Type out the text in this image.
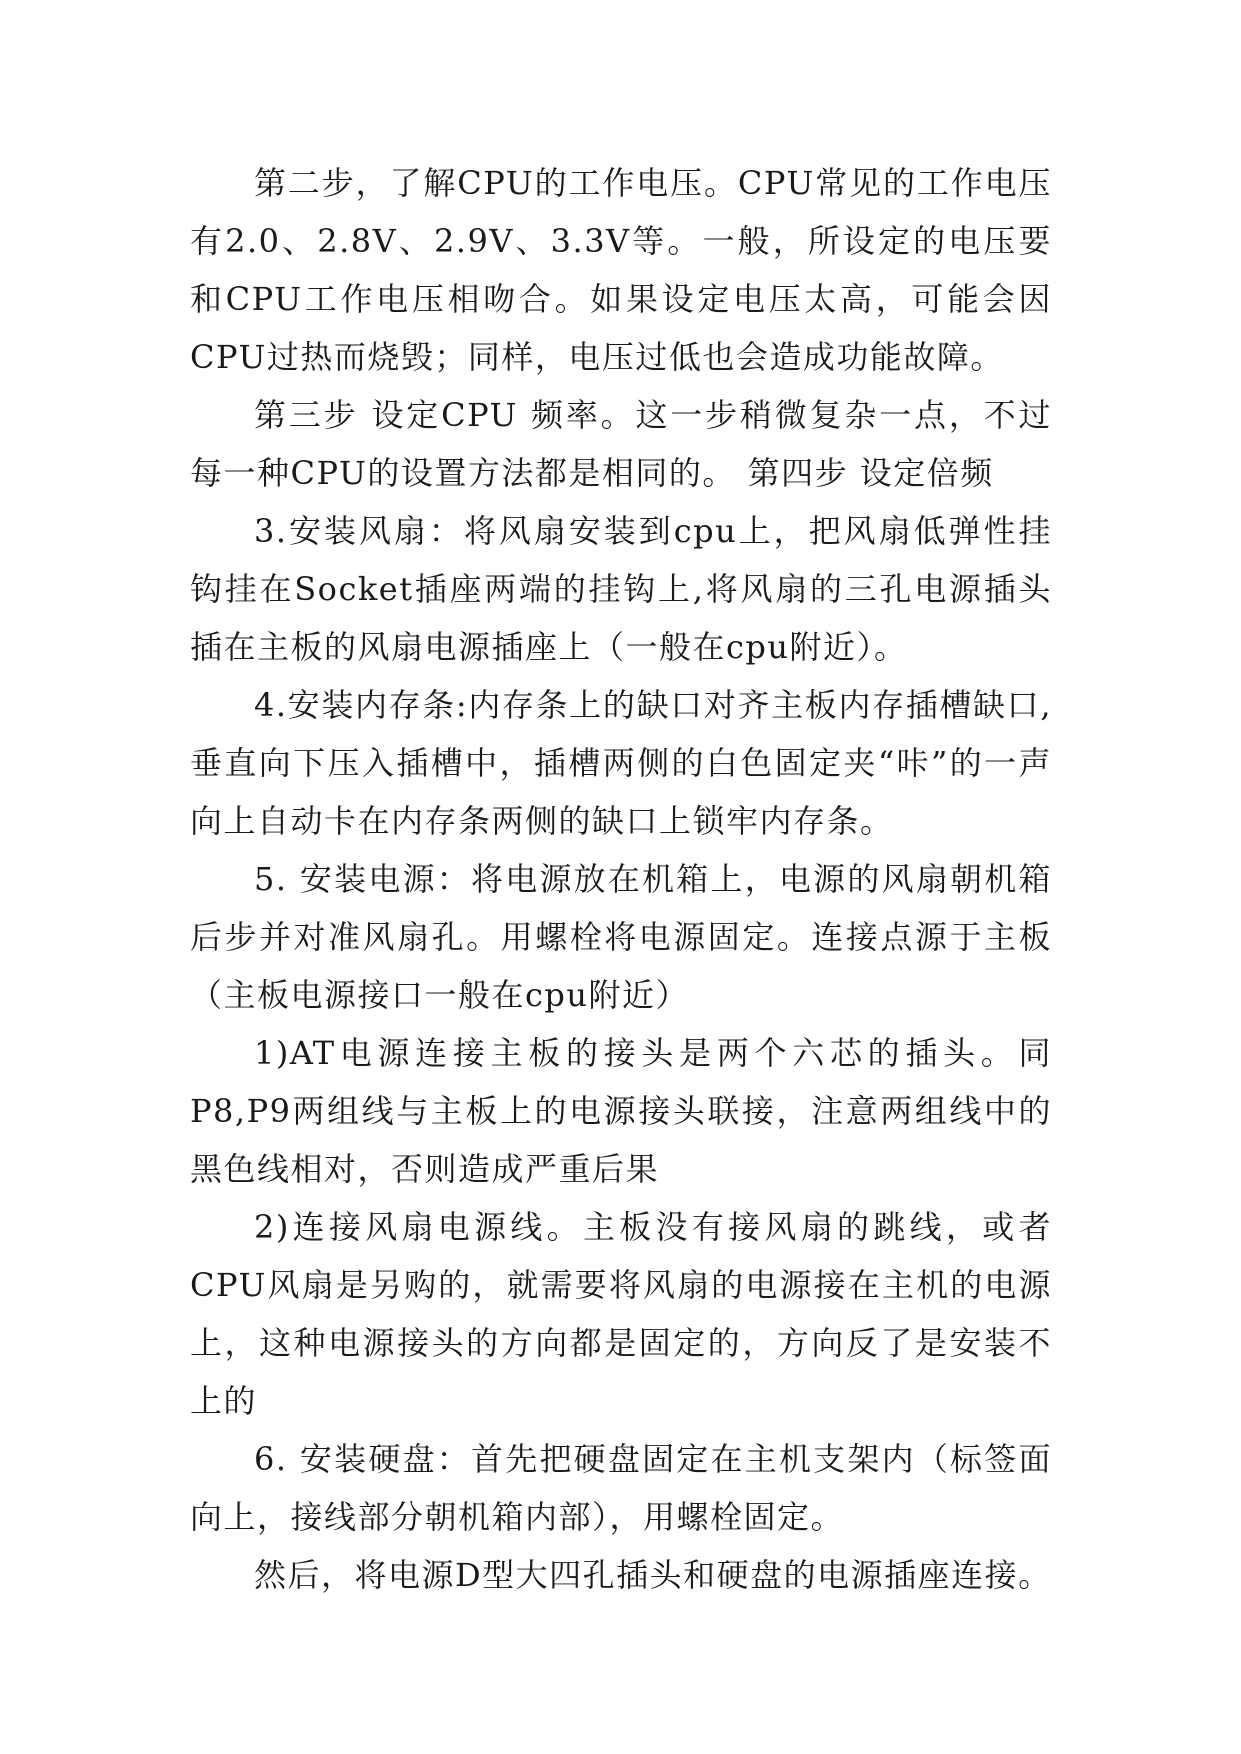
第二步，了解CPU的工作电压。CPU常见的工作电压有2.0、2.8V、2.9V、3.3V等。一般，所设定的电压要和CPU工作电压相吻合。如果设定电压太高，可能会因CPU过热而烧毁；同样，电压过低也会造成功能故障。

第三步 设定CPU 频率。这一步稍微复杂一点，不过每一种CPU的设置方法都是相同的。 第四步 设定倍频

3.安装风扇：将风扇安装到cpu上，把风扇低弹性挂钩挂在Socket插座两端的挂钩上,将风扇的三孔电源插头插在主板的风扇电源插座上（一般在cpu附近）。

4.安装内存条:内存条上的缺口对齐主板内存插槽缺口,垂直向下压入插槽中，插槽两侧的白色固定夹“咔”的一声向上自动卡在内存条两侧的缺口上锁牢内存条。

5. 安装电源：将电源放在机箱上，电源的风扇朝机箱后步并对准风扇孔。用螺栓将电源固定。连接点源于主板（主板电源接口一般在cpu附近）

1)AT电源连接主板的接头是两个六芯的插头。同P8,P9两组线与主板上的电源接头联接，注意两组线中的黑色线相对，否则造成严重后果

2)连接风扇电源线。主板没有接风扇的跳线，或者CPU风扇是另购的，就需要将风扇的电源接在主机的电源上，这种电源接头的方向都是固定的，方向反了是安装不上的

6. 安装硬盘：首先把硬盘固定在主机支架内（标签面向上，接线部分朝机箱内部），用螺栓固定。

然后，将电源D型大四孔插头和硬盘的电源插座连接。
